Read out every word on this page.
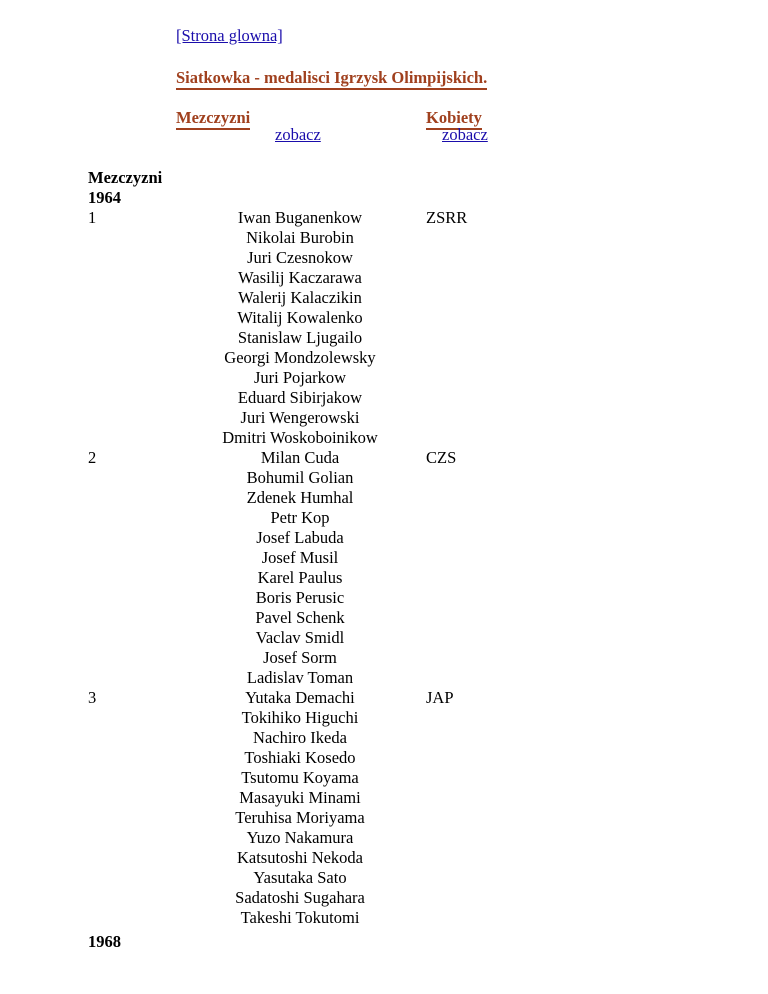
[Strona glowna]
Siatkowka - medalisci Igrzysk Olimpijskich.
Mezczyzni
zobacz
Kobiety
zobacz
Mezczyzni
1964
1	ZSRR
Iwan Buganenkow
Nikolai Burobin
Juri Czesnokow
Wasilij Kaczarawa
Walerij Kalaczikin
Witalij Kowalenko
Stanislaw Ljugailo
Georgi Mondzolewsky
Juri Pojarkow
Eduard Sibirjakow
Juri Wengerowski
Dmitri Woskoboinikow
2	CZS
Milan Cuda
Bohumil Golian
Zdenek Humhal
Petr Kop
Josef Labuda
Josef Musil
Karel Paulus
Boris Perusic
Pavel Schenk
Vaclav Smidl
Josef Sorm
Ladislav Toman
3	JAP
Yutaka Demachi
Tokihiko Higuchi
Nachiro Ikeda
Toshiaki Kosedo
Tsutomu Koyama
Masayuki Minami
Teruhisa Moriyama
Yuzo Nakamura
Katsutoshi Nekoda
Yasutaka Sato
Sadatoshi Sugahara
Takeshi Tokutomi
1968
